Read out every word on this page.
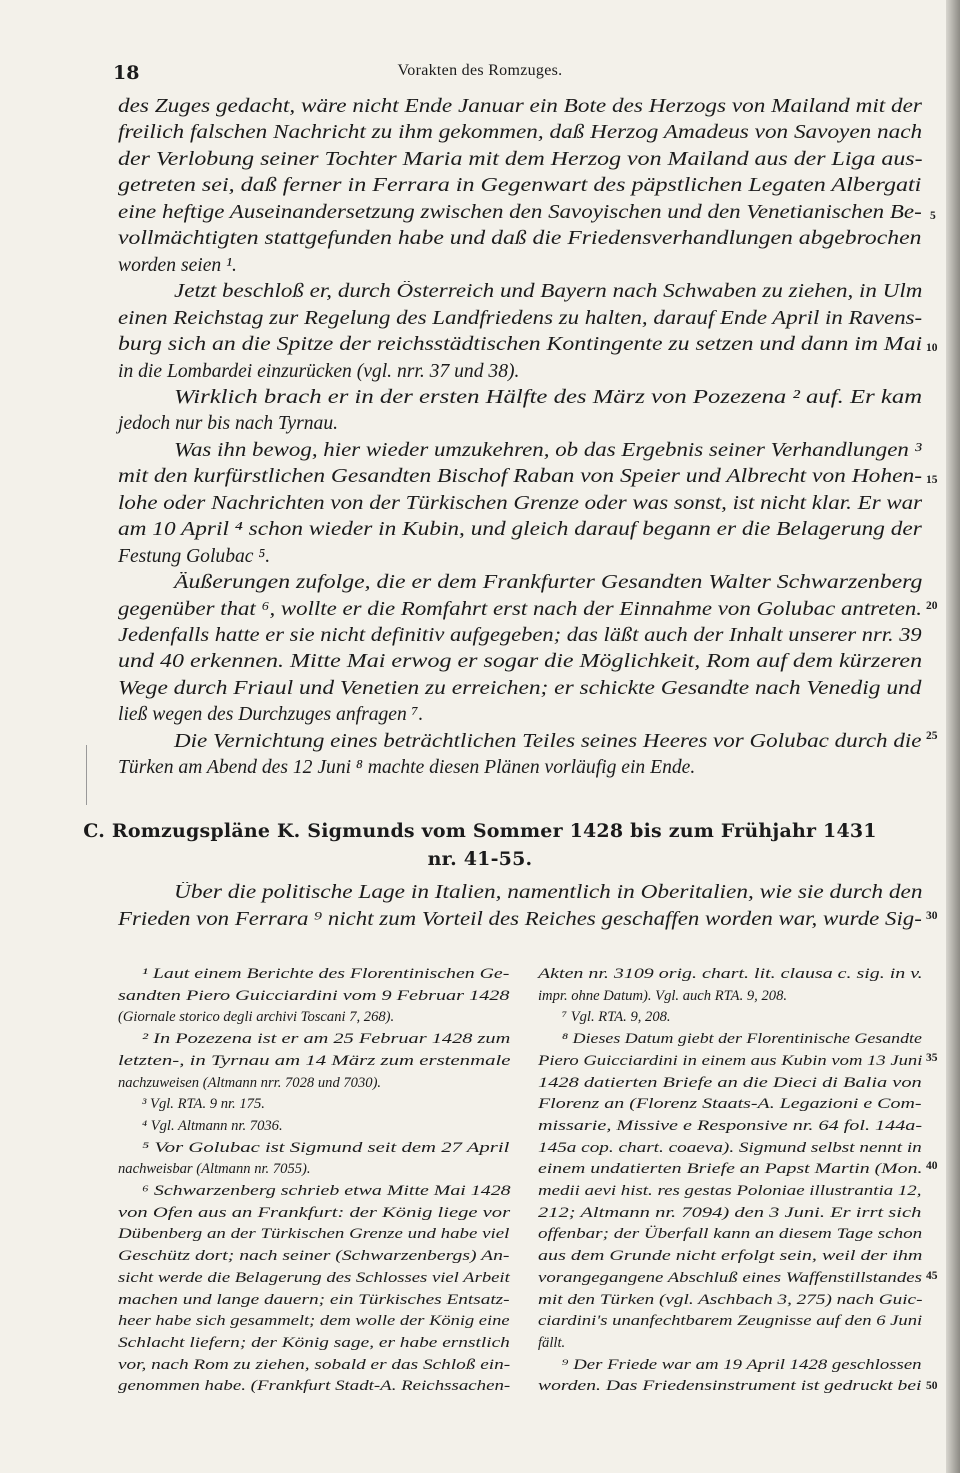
18	Vorakten des Romzuges.
des Zuges gedacht, wäre nicht Ende Januar ein Bote des Herzogs von Mailand mit der
freilich falschen Nachricht zu ihm gekommen, daß Herzog Amadeus von Savoyen nach
der Verlobung seiner Tochter Maria mit dem Herzog von Mailand aus der Liga aus-
getreten sei, daß ferner in Ferrara in Gegenwart des päpstlichen Legaten Albergati
eine heftige Auseinandersetzung zwischen den Savoyischen und den Venetianischen Be-
vollmächtigten stattgefunden habe und daß die Friedensverhandlungen abgebrochen
worden seien ¹.
Jetzt beschloß er, durch Österreich und Bayern nach Schwaben zu ziehen, in Ulm
einen Reichstag zur Regelung des Landfriedens zu halten, darauf Ende April in Ravens-
burg sich an die Spitze der reichsstädtischen Kontingente zu setzen und dann im Mai
in die Lombardei einzurücken (vgl. nrr. 37 und 38).
Wirklich brach er in der ersten Hälfte des März von Pozezena ² auf. Er kam
jedoch nur bis nach Tyrnau.
Was ihn bewog, hier wieder umzukehren, ob das Ergebnis seiner Verhandlungen ³
mit den kurfürstlichen Gesandten Bischof Raban von Speier und Albrecht von Hohen-
lohe oder Nachrichten von der Türkischen Grenze oder was sonst, ist nicht klar. Er war
am 10 April ⁴ schon wieder in Kubin, und gleich darauf begann er die Belagerung der
Festung Golubac ⁵.
Äußerungen zufolge, die er dem Frankfurter Gesandten Walter Schwarzenberg
gegenüber that ⁶, wollte er die Romfahrt erst nach der Einnahme von Golubac antreten.
Jedenfalls hatte er sie nicht definitiv aufgegeben; das läßt auch der Inhalt unserer nrr. 39
und 40 erkennen. Mitte Mai erwog er sogar die Möglichkeit, Rom auf dem kürzeren
Wege durch Friaul und Venetien zu erreichen; er schickte Gesandte nach Venedig und
ließ wegen des Durchzuges anfragen ⁷.
Die Vernichtung eines beträchtlichen Teiles seines Heeres vor Golubac durch die
Türken am Abend des 12 Juni ⁸ machte diesen Plänen vorläufig ein Ende.
C. Romzugspläne K. Sigmunds vom Sommer 1428 bis zum Frühjahr 1431
nr. 41-55.
Über die politische Lage in Italien, namentlich in Oberitalien, wie sie durch den
Frieden von Ferrara ⁹ nicht zum Vorteil des Reiches geschaffen worden war, wurde Sig-
¹ Laut einem Berichte des Florentinischen Ge-
sandten Piero Guicciardini vom 9 Februar 1428
(Giornale storico degli archivi Toscani 7, 268).
² In Pozezena ist er am 25 Februar 1428 zum
letzten-, in Tyrnau am 14 März zum erstenmale
nachzuweisen (Altmann nrr. 7028 und 7030).
³ Vgl. RTA. 9 nr. 175.
⁴ Vgl. Altmann nr. 7036.
⁵ Vor Golubac ist Sigmund seit dem 27 April
nachweisbar (Altmann nr. 7055).
⁶ Schwarzenberg schrieb etwa Mitte Mai 1428
von Ofen aus an Frankfurt: der König liege vor
Dübenberg an der Türkischen Grenze und habe viel
Geschütz dort; nach seiner (Schwarzenbergs) An-
sicht werde die Belagerung des Schlosses viel Arbeit
machen und lange dauern; ein Türkisches Entsatz-
heer habe sich gesammelt; dem wolle der König eine
Schlacht liefern; der König sage, er habe ernstlich
vor, nach Rom zu ziehen, sobald er das Schloß ein-
genommen habe. (Frankfurt Stadt-A. Reichssachen-
Akten nr. 3109 orig. chart. lit. clausa c. sig. in v.
impr. ohne Datum). Vgl. auch RTA. 9, 208.
⁷ Vgl. RTA. 9, 208.
⁸ Dieses Datum giebt der Florentinische Gesandte
Piero Guicciardini in einem aus Kubin vom 13 Juni
1428 datierten Briefe an die Dieci di Balia von
Florenz an (Florenz Staats-A. Legazioni e Com-
missarie, Missive e Responsive nr. 64 fol. 144a-
145a cop. chart. coaeva). Sigmund selbst nennt in
einem undatierten Briefe an Papst Martin (Mon.
medii aevi hist. res gestas Poloniae illustrantia 12,
212; Altmann nr. 7094) den 3 Juni. Er irrt sich
offenbar; der Überfall kann an diesem Tage schon
aus dem Grunde nicht erfolgt sein, weil der ihm
vorangegangene Abschluß eines Waffenstillstandes
mit den Türken (vgl. Aschbach 3, 275) nach Guic-
ciardini's unanfechtbarem Zeugnisse auf den 6 Juni
fällt.
⁹ Der Friede war am 19 April 1428 geschlossen
worden. Das Friedensinstrument ist gedruckt bei
5
10
15
20
25
30
35
40
45
50
